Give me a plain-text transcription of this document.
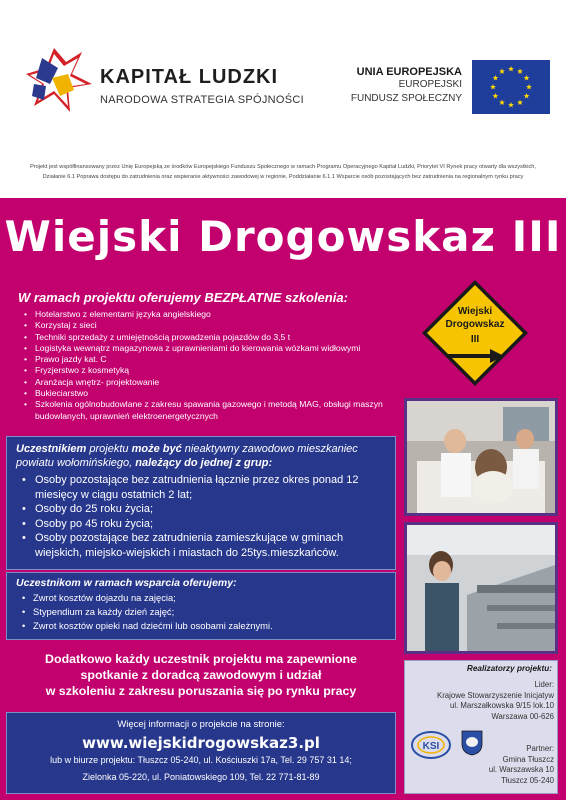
KAPITAŁ LUDZKI
NARODOWA STRATEGIA SPÓJNOŚCI
UNIA EUROPEJSKA
EUROPEJSKI
FUNDUSZ SPOŁECZNY
Projekt jest współfinansowany przez Unię Europejską ze środków Europejskiego Funduszu Społecznego w ramach Programu Operacyjnego Kapitał Ludzki, Priorytet VI Rynek pracy otwarty dla wszystkich, Działanie 6.1 Poprawa dostępu do zatrudnienia oraz wspieranie aktywności zawodowej w regionie, Poddziałanie 6.1.1 Wsparcie osób pozostających bez zatrudnienia na regionalnym rynku pracy
Wiejski Drogowskaz III
W ramach projektu oferujemy BEZPŁATNE szkolenia:
• Hotelarstwo z elementami języka angielskiego
• Korzystaj z sieci
• Techniki sprzedaży z umiejętnością prowadzenia pojazdów do 3,5 t
• Logistyka wewnątrz magazynowa z uprawnieniami do kierowania wózkami widłowymi
• Prawo jazdy kat. C
• Fryzjerstwo z kosmetyką
• Aranżacja wnętrz- projektowanie
• Bukieciarstwo
• Szkolenia ogólnobudowlane z zakresu spawania gazowego i metodą MAG, obsługi maszyn budowlanych, uprawnień elektroenergetycznych
Wiejski
Drogowskaz
III
Uczestnikiem projektu może być nieaktywny zawodowo mieszkaniec powiatu wołomińskiego, należący do jednej z grup:
• Osoby pozostające bez zatrudnienia łącznie przez okres ponad 12 miesięcy w ciągu ostatnich 2 lat;
• Osoby do 25 roku życia;
• Osoby po 45 roku życia;
• Osoby pozostające bez zatrudnienia zamieszkujące w gminach wiejskich, miejsko-wiejskich i miastach do 25tys.mieszkańców.
Uczestnikom w ramach wsparcia oferujemy:
• Zwrot kosztów dojazdu na zajęcia;
• Stypendium za każdy dzień zajęć;
• Zwrot kosztów opieki nad dziećmi lub osobami zależnymi.
Dodatkowo każdy uczestnik projektu ma zapewnione
spotkanie z doradcą zawodowym i udział
w szkoleniu z zakresu poruszania się po rynku pracy
Więcej informacji o projekcie na stronie:
www.wiejskidrogowskaz3.pl
lub w biurze projektu: Tłuszcz 05-240, ul. Kościuszki 17a, Tel. 29 757 31 14;
Zielonka 05-220, ul. Poniatowskiego 109, Tel. 22 771-81-89
Realizatorzy projektu:
Lider:
Krajowe Stowarzyszenie Inicjatyw
ul. Marszałkowska 9/15 lok.10
Warszawa 00-626
KSI	Partner:
Gmina Tłuszcz
ul. Warszawska 10
Tłuszcz 05-240
